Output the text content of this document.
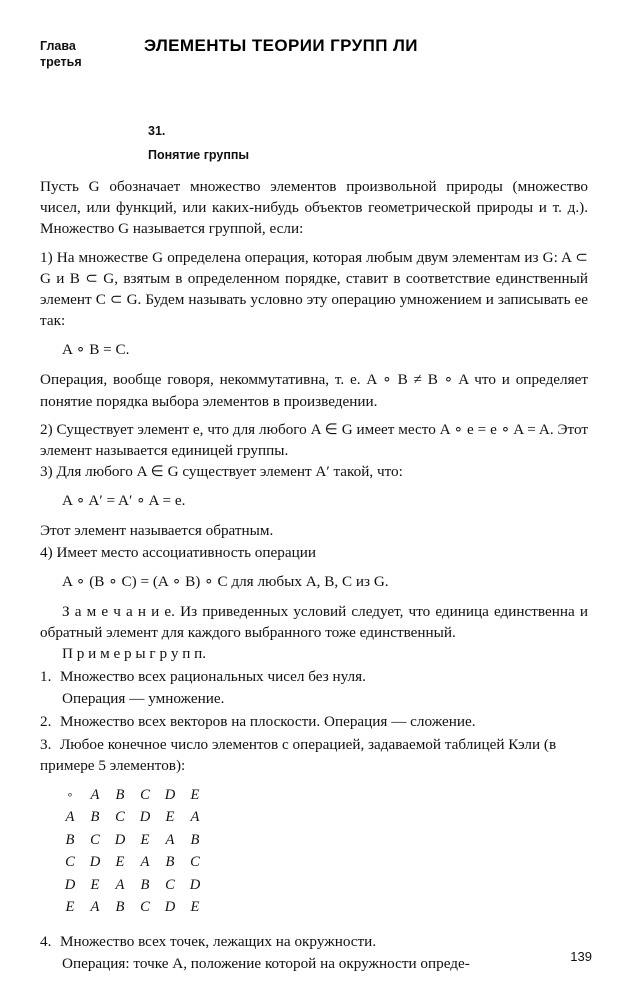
Глава
третья
ЭЛЕМЕНТЫ ТЕОРИИ ГРУПП ЛИ
31.
Понятие группы

Пусть G обозначает множество элементов произвольной природы (множество чисел, или функций, или каких-нибудь объектов геометрической природы и т. д.). Множество G называется группой, если:

1) На множестве G определена операция, которая любым двум элементам из G: A ⊂ G и B ⊂ G, взятым в определенном порядке, ставит в соответствие единственный элемент C ⊂ G. Будем называть условно эту операцию умножением и записывать ее так:

A ∘ B = C.

Операция, вообще говоря, некоммутативна, т. е. A ∘ B ≠ B ∘ A что и определяет понятие порядка выбора элементов в произведении.

2) Существует элемент e, что для любого A ∈ G имеет место A ∘ e = e ∘ A = A. Этот элемент называется единицей группы.

3) Для любого A ∈ G существует элемент A′ такой, что:

A ∘ A′ = A′ ∘ A = e.

Этот элемент называется обратным.

4) Имеет место ассоциативность операции

A ∘ (B ∘ C) = (A ∘ B) ∘ C для любых A, B, C из G.

З а м е ч а н и е. Из приведенных условий следует, что единица единственна и обратный элемент для каждого выбранного тоже единственный.

П р и м е р ы г р у п п.

1. Множество всех рациональных чисел без нуля.
Операция — умножение.
2. Множество всех векторов на плоскости. Операция — сложение.
3. Любое конечное число элементов с операцией, задаваемой таблицей Кэли (в примере 5 элементов):
∘	A	B	C	D	E
A	B	C	D	E	A
B	C	D	E	A	B
C	D	E	A	B	C
D	E	A	B	C	D
E	A	B	C	D	E
4. Множество всех точек, лежащих на окружности.
Операция: точке A, положение которой на окружности опреде-	139
